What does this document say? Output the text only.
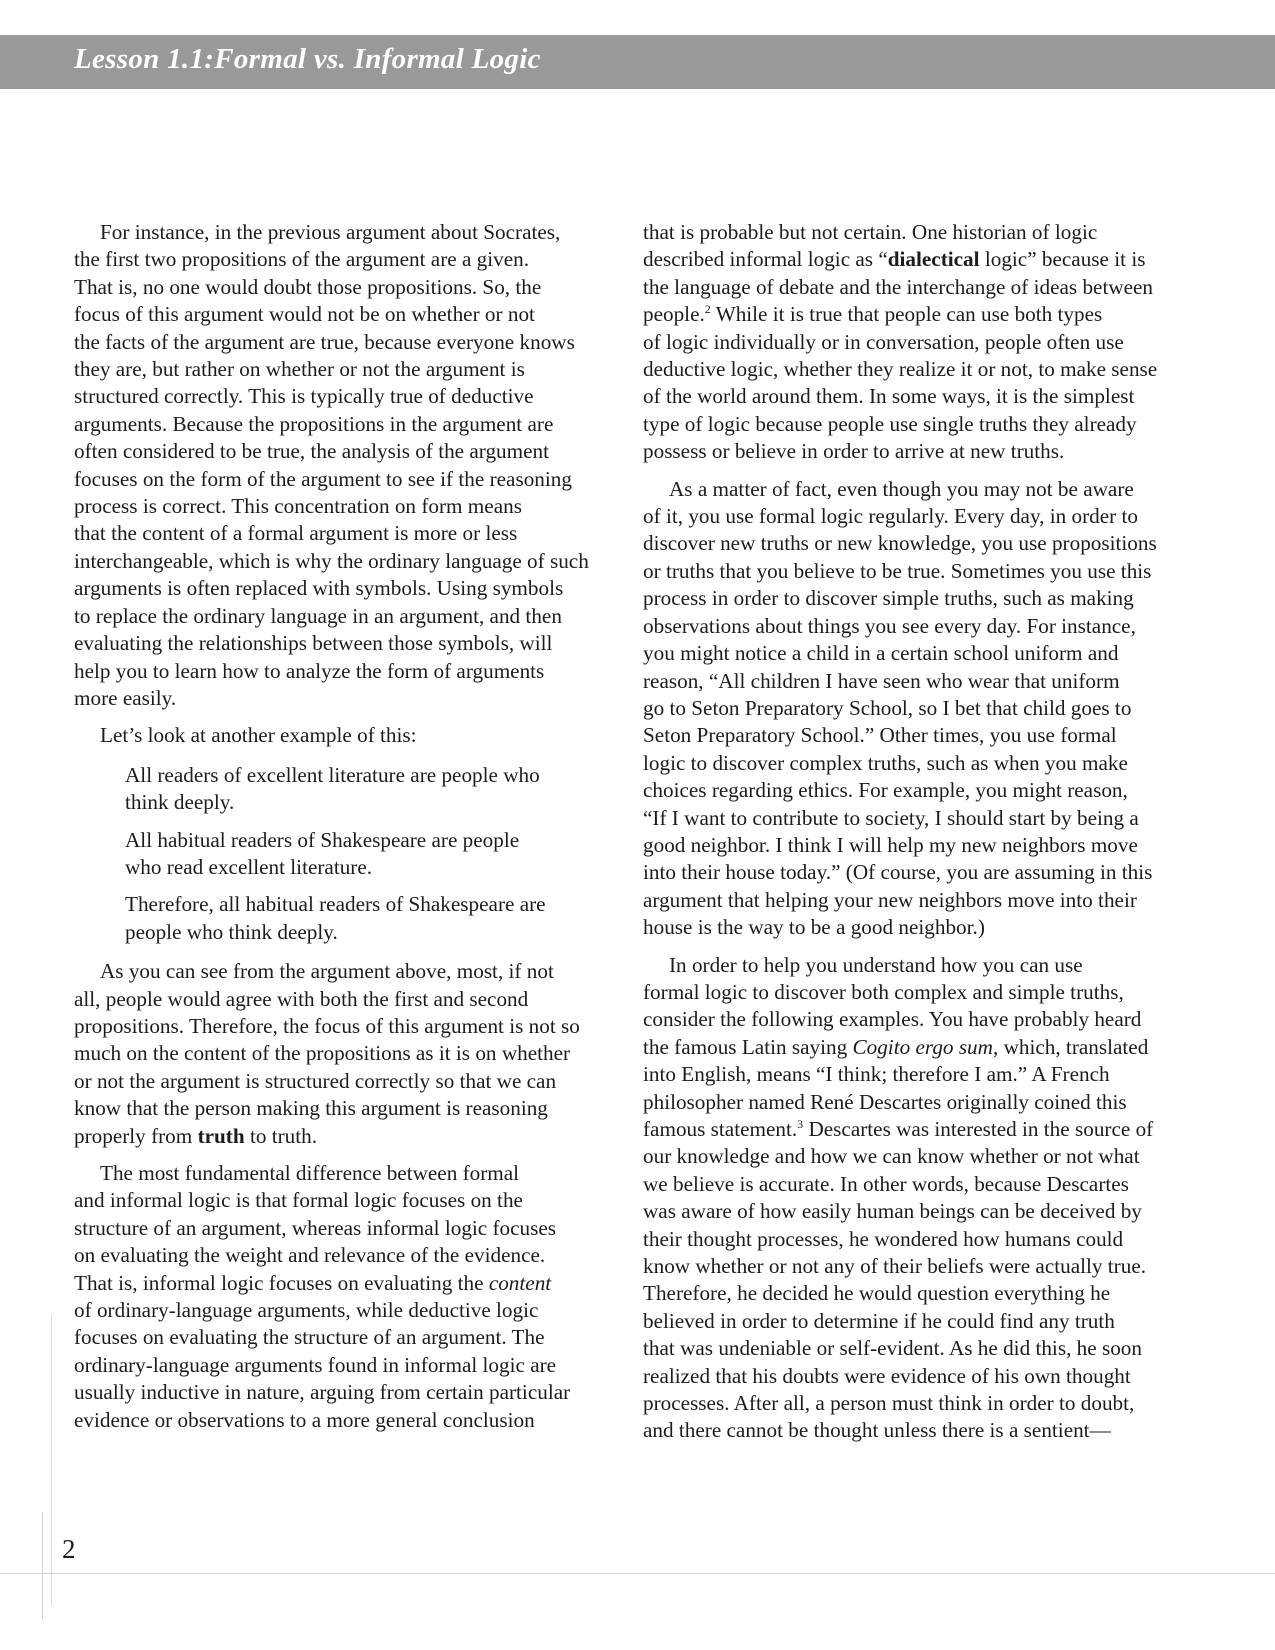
Lesson 1.1:Formal vs. Informal Logic

For instance, in the previous argument about Socrates,

the first two propositions of the argument are a given.

That is, no one would doubt those propositions. So, the

focus of this argument would not be on whether or not

the facts of the argument are true, because everyone knows

they are, but rather on whether or not the argument is

structured correctly. This is typically true of deductive

arguments. Because the propositions in the argument are

often considered to be true, the analysis of the argument

focuses on the form of the argument to see if the reasoning

process is correct. This concentration on form means

that the content of a formal argument is more or less

interchangeable, which is why the ordinary language of such

arguments is often replaced with symbols. Using symbols

to replace the ordinary language in an argument, and then

evaluating the relationships between those symbols, will

help you to learn how to analyze the form of arguments

more easily.

Let’s look at another example of this:

All readers of excellent literature are people who

think deeply.

All habitual readers of Shakespeare are people

who read excellent literature.

Therefore, all habitual readers of Shakespeare are

people who think deeply.

As you can see from the argument above, most, if not

all, people would agree with both the first and second

propositions. Therefore, the focus of this argument is not so

much on the content of the propositions as it is on whether

or not the argument is structured correctly so that we can

know that the person making this argument is reasoning

properly from truth to truth.

The most fundamental difference between formal

and informal logic is that formal logic focuses on the

structure of an argument, whereas informal logic focuses

on evaluating the weight and relevance of the evidence.

That is, informal logic focuses on evaluating the content

of ordinary-language arguments, while deductive logic

focuses on evaluating the structure of an argument. The

ordinary-language arguments found in informal logic are

usually inductive in nature, arguing from certain particular

evidence or observations to a more general conclusion

that is probable but not certain. One historian of logic

described informal logic as “dialectical logic” because it is

the language of debate and the interchange of ideas between

people.$^2$ While it is true that people can use both types

of logic individually or in conversation, people often use

deductive logic, whether they realize it or not, to make sense

of the world around them. In some ways, it is the simplest

type of logic because people use single truths they already

possess or believe in order to arrive at new truths.

As a matter of fact, even though you may not be aware

of it, you use formal logic regularly. Every day, in order to

discover new truths or new knowledge, you use propositions

or truths that you believe to be true. Sometimes you use this

process in order to discover simple truths, such as making

observations about things you see every day. For instance,

you might notice a child in a certain school uniform and

reason, “All children I have seen who wear that uniform

go to Seton Preparatory School, so I bet that child goes to

Seton Preparatory School.” Other times, you use formal

logic to discover complex truths, such as when you make

choices regarding ethics. For example, you might reason,

“If I want to contribute to society, I should start by being a

good neighbor. I think I will help my new neighbors move

into their house today.” (Of course, you are assuming in this

argument that helping your new neighbors move into their

house is the way to be a good neighbor.)

In order to help you understand how you can use

formal logic to discover both complex and simple truths,

consider the following examples. You have probably heard

the famous Latin saying Cogito ergo sum, which, translated

into English, means “I think; therefore I am.” A French

philosopher named René Descartes originally coined this

famous statement.$^3$ Descartes was interested in the source of

our knowledge and how we can know whether or not what

we believe is accurate. In other words, because Descartes

was aware of how easily human beings can be deceived by

their thought processes, he wondered how humans could

know whether or not any of their beliefs were actually true.

Therefore, he decided he would question everything he

believed in order to determine if he could find any truth

that was undeniable or self-evident. As he did this, he soon

realized that his doubts were evidence of his own thought

processes. After all, a person must think in order to doubt,

and there cannot be thought unless there is a sentient—

2
